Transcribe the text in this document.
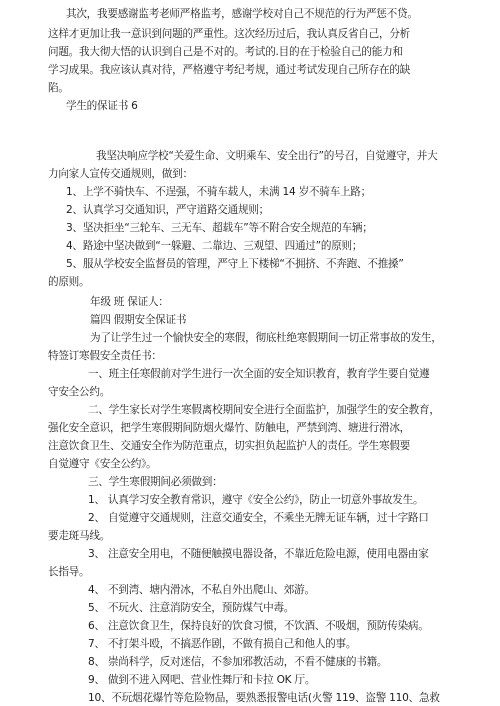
其次，我要感谢监考老师严格监考，感谢学校对自己不规范的行为严惩不贷。

这样才更加让我一意识到问题的严重性。这次经历过后，我认真反省自己，分析

问题。我大彻大悟的认识到自己是不对的。考试的.目的在于检验自己的能力和

学习成果。我应该认真对待，严格遵守考纪考规，通过考试发现自己所存在的缺

陷。

学生的保证书 6

我坚决响应学校“关爱生命、文明乘车、安全出行”的号召，自觉遵守，并大

力向家人宣传交通规则，做到：

1、上学不骑快车、不逞强，不骑车载人，未满 14 岁不骑车上路；

2、认真学习交通知识，严守道路交通规则；

3、坚决拒坐“三轮车、三无车、超载车”等不附合安全规范的车辆；

4、路途中坚决做到“一躲避、二靠边、三观望、四通过”的原则；

5、服从学校安全监督员的管理，严守上下楼梯“不拥挤、不奔跑、不推搡”

的原则。

年级 班 保证人：

篇四 假期安全保证书

为了让学生过一个愉快安全的寒假，彻底杜绝寒假期间一切正常事故的发生，

特签订寒假安全责任书：

一、班主任寒假前对学生进行一次全面的安全知识教育，教育学生要自觉遵

守安全公约。

二、学生家长对学生寒假离校期间安全进行全面监护，加强学生的安全教育，

强化安全意识，把学生寒假期间防烟火爆竹、防触电，严禁到湾、塘进行滑冰，

注意饮食卫生、交通安全作为防范重点，切实担负起监护人的责任。学生寒假要

自觉遵守《安全公约》。

三、学生寒假期间必须做到：

1、 认真学习安全教育常识，遵守《安全公约》，防止一切意外事故发生。

2、 自觉遵守交通规则，注意交通安全，不乘坐无牌无证车辆，过十字路口

要走斑马线。

3、 注意安全用电，不随便触摸电器设备，不靠近危险电源，使用电器由家

长指导。

4、 不到湾、塘内滑冰，不私自外出爬山、郊游。

5、 不玩火、注意消防安全，预防煤气中毒。

6、 注意饮食卫生，保持良好的饮食习惯，不饮酒、不吸烟，预防传染病。

7、 不打架斗殴，不搞恶作剧，不做有损自己和他人的事。

8、 崇尚科学，反对迷信，不参加邪教活动，不看不健康的书籍。

9、 做到不进入网吧、营业性舞厅和卡拉 OK 厅。

10、不玩烟花爆竹等危险物品，要熟悉报警电话(火警 119、盗警 110、急救
